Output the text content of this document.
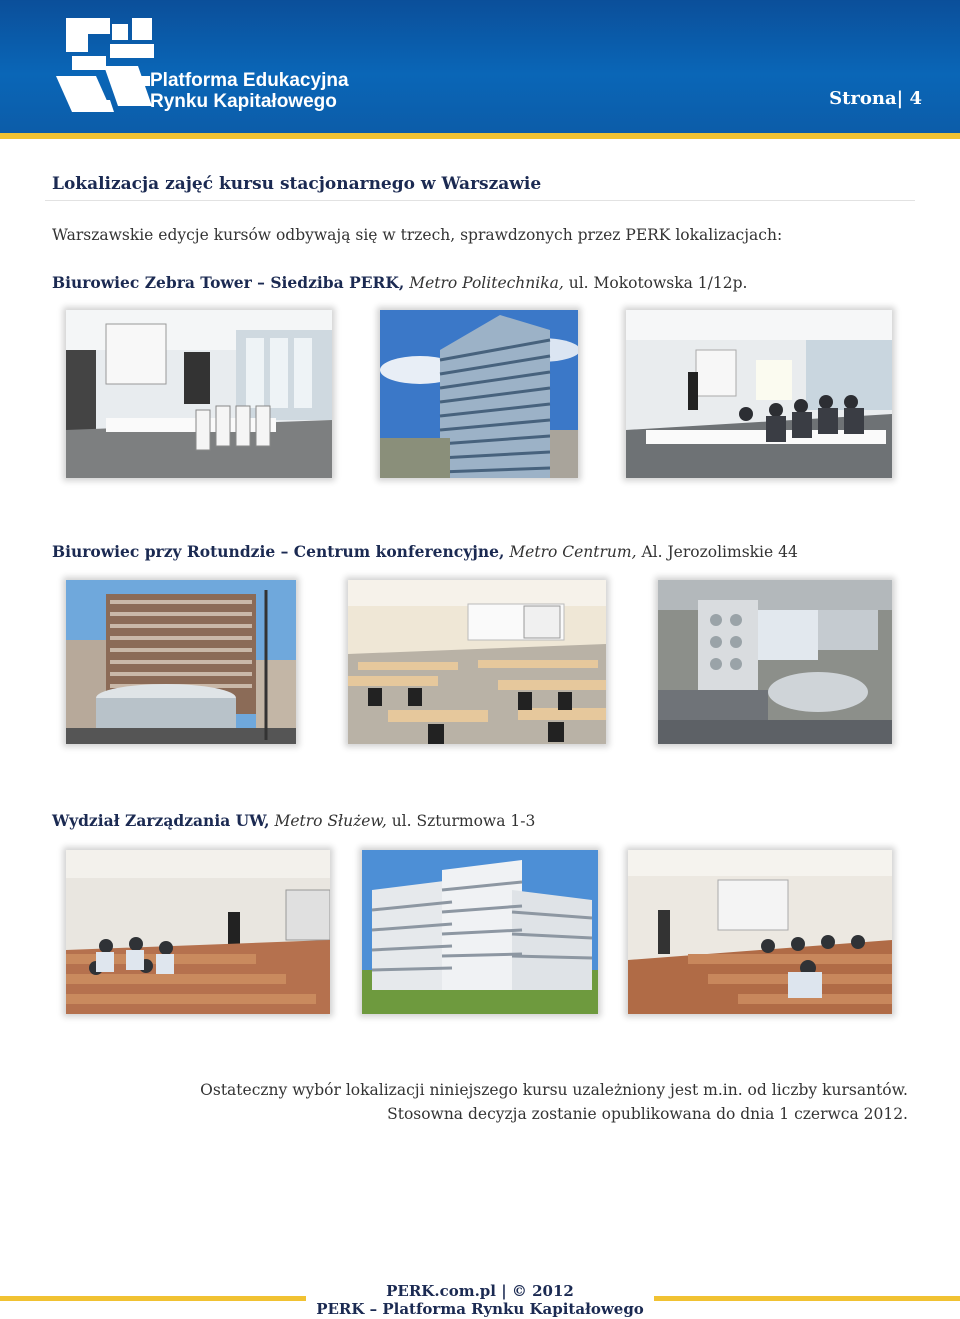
Platforma Edukacyjna
Rynku Kapitałowego	Strona| 4
Lokalizacja zajęć kursu stacjonarnego w Warszawie
Warszawskie edycje kursów odbywają się w trzech, sprawdzonych przez PERK lokalizacjach:
Biurowiec Zebra Tower – Siedziba PERK, Metro Politechnika, ul. Mokotowska 1/12p.
Biurowiec przy Rotundzie – Centrum konferencyjne, Metro Centrum, Al. Jerozolimskie 44
Wydział Zarządzania UW, Metro Służew, ul. Szturmowa 1-3
Ostateczny wybór lokalizacji niniejszego kursu uzależniony jest m.in. od liczby kursantów.
Stosowna decyzja zostanie opublikowana do dnia 1 czerwca 2012.
PERK.com.pl | © 2012
PERK – Platforma Rynku Kapitałowego
